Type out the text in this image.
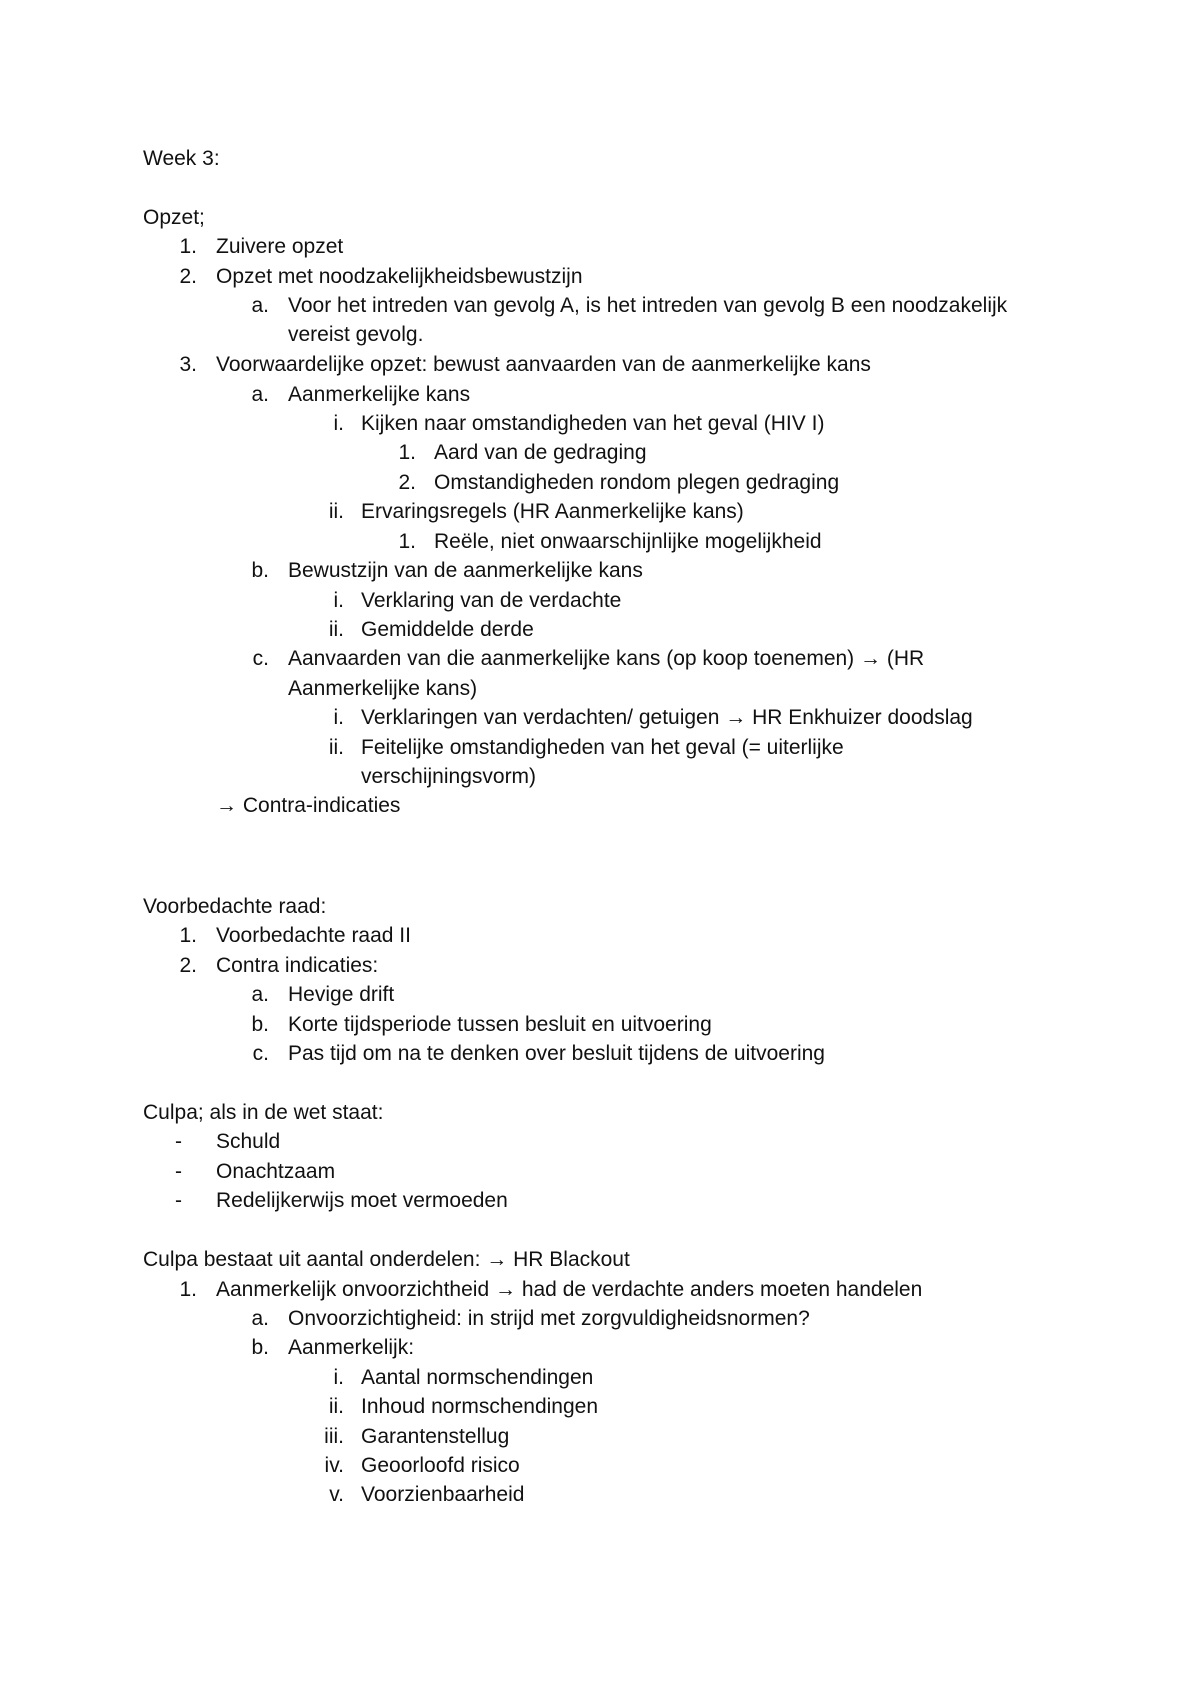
Week 3:
Opzet;
1. Zuivere opzet
2. Opzet met noodzakelijkheidsbewustzijn
a. Voor het intreden van gevolg A, is het intreden van gevolg B een noodzakelijk
vereist gevolg.
3. Voorwaardelijke opzet: bewust aanvaarden van de aanmerkelijke kans
a. Aanmerkelijke kans
i. Kijken naar omstandigheden van het geval (HIV I)
1. Aard van de gedraging
2. Omstandigheden rondom plegen gedraging
ii. Ervaringsregels (HR Aanmerkelijke kans)
1. Reële, niet onwaarschijnlijke mogelijkheid
b. Bewustzijn van de aanmerkelijke kans
i. Verklaring van de verdachte
ii. Gemiddelde derde
c. Aanvaarden van die aanmerkelijke kans (op koop toenemen) → (HR
Aanmerkelijke kans)
i. Verklaringen van verdachten/ getuigen → HR Enkhuizer doodslag
ii. Feitelijke omstandigheden van het geval (= uiterlijke
verschijningsvorm)
→ Contra-indicaties
Voorbedachte raad:
1. Voorbedachte raad II
2. Contra indicaties:
a. Hevige drift
b. Korte tijdsperiode tussen besluit en uitvoering
c. Pas tijd om na te denken over besluit tijdens de uitvoering
Culpa; als in de wet staat:
-	Schuld
-	Onachtzaam
-	Redelijkerwijs moet vermoeden
Culpa bestaat uit aantal onderdelen: → HR Blackout
1. Aanmerkelijk onvoorzichtheid → had de verdachte anders moeten handelen
a. Onvoorzichtigheid: in strijd met zorgvuldigheidsnormen?
b. Aanmerkelijk:
i. Aantal normschendingen
ii. Inhoud normschendingen
iii. Garantenstellug
iv. Geoorloofd risico
v. Voorzienbaarheid
